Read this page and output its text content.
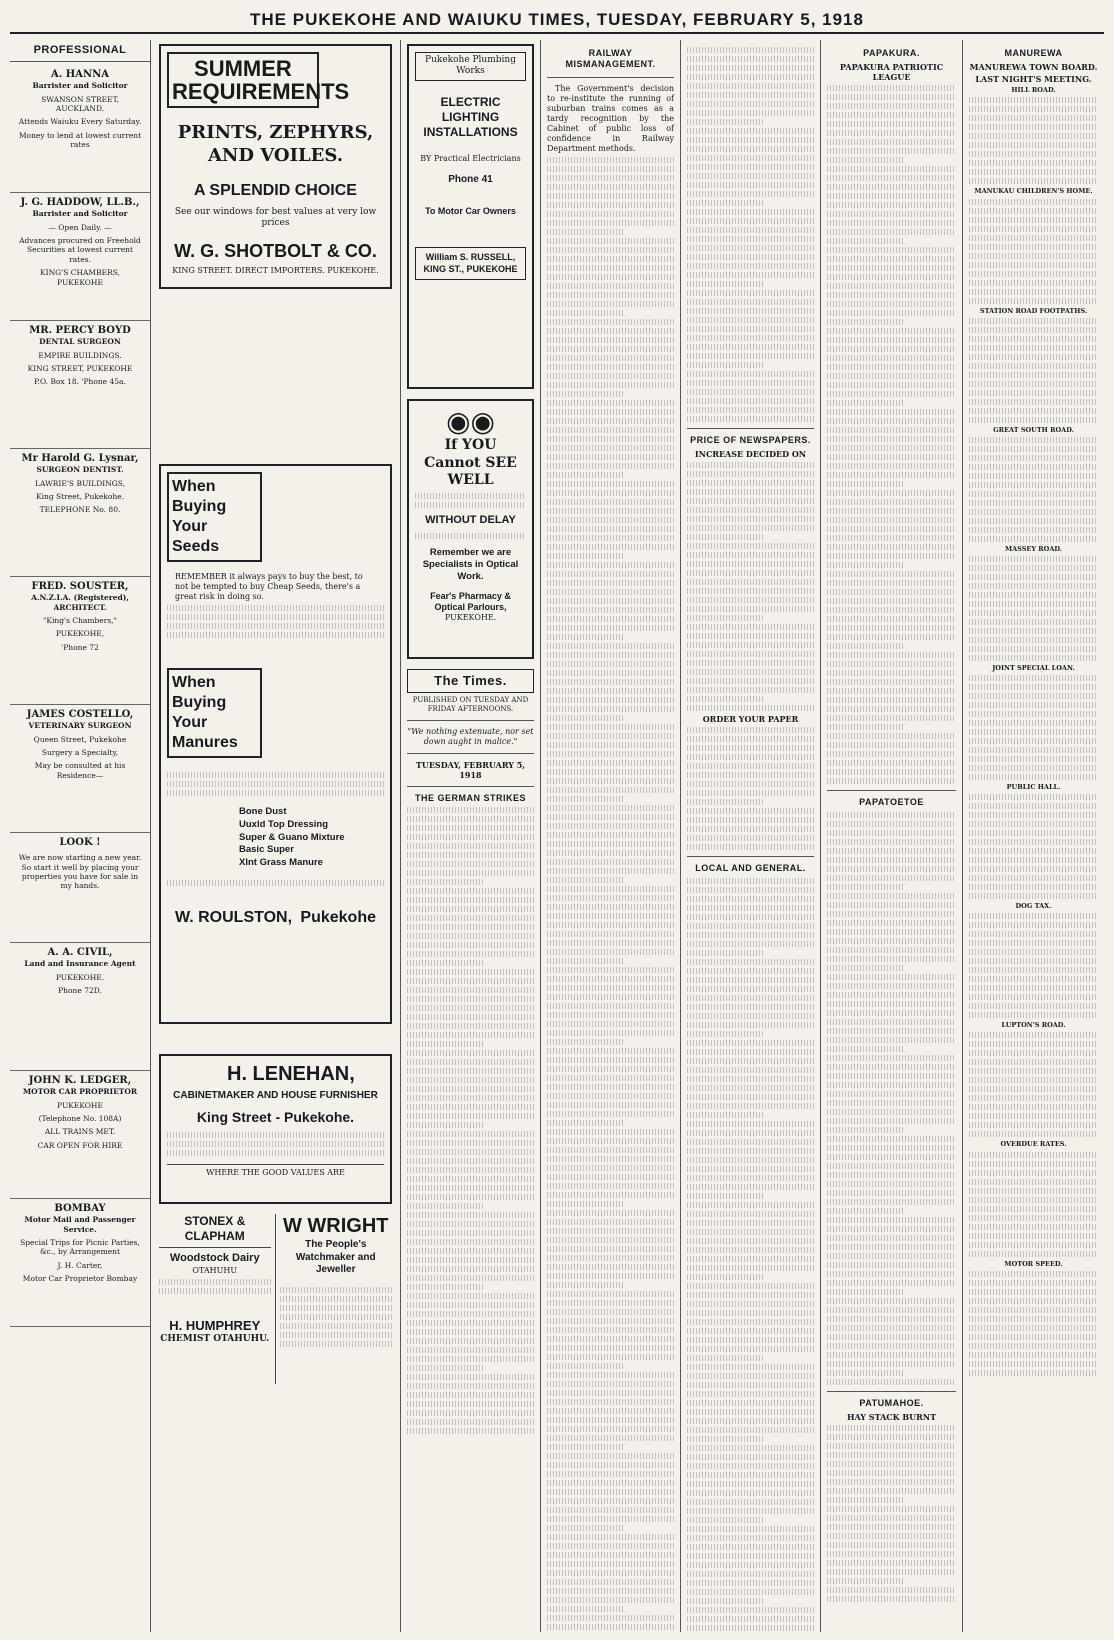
THE PUKEKOHE AND WAIUKU TIMES, TUESDAY, FEBRUARY 5, 1918
PROFESSIONAL
A. HANNA
Barrister and Solicitor
SWANSON STREET, AUCKLAND.
Attends Waiuku Every Saturday.
Money to lend at lowest current rates
J. G. HADDOW, LL.B.,
Barrister and Solicitor
— Open Daily. —
Advances procured on Freehold Securities at lowest current rates.
KING'S CHAMBERS, PUKEKOHE
MR. PERCY BOYD
DENTAL SURGEON
EMPIRE BUILDINGS.
KING STREET, PUKEKOHE
P.O. Box 18. 'Phone 45a.
Mr Harold G. Lysnar,
SURGEON DENTIST.
LAWRIE'S BUILDINGS,
King Street, Pukekohe.
TELEPHONE No. 80.
FRED. SOUSTER,
A.N.Z.I.A. (Registered), ARCHITECT.
"King's Chambers,"
PUKEKOHE,
'Phone 72
JAMES COSTELLO,
VETERINARY SURGEON
Queen Street, Pukekohe
Surgery a Specialty,
May be consulted at his Residence—
LOOK !
We are now starting a new year. So start it well by placing your properties you have for sale in my hands.
A. A. CIVIL,
Land and Insurance Agent
PUKEKOHE.
Phone 72D.
JOHN K. LEDGER,
MOTOR CAR PROPRIETOR
PUKEKOHE
(Telephone No. 108A)
ALL TRAINS MET.
CAR OPEN FOR HIRE
BOMBAY
Motor Mail and Passenger Service.
Special Trips for Picnic Parties, &c., by Arrangement
J. H. Carter,
Motor Car Proprietor Bombay
SUMMER REQUIREMENTS
PRINTS, ZEPHYRS, AND VOILES.
A SPLENDID CHOICE
See our windows for best values at very low prices
W. G. SHOTBOLT & CO.
KING STREET. DIRECT IMPORTERS. PUKEKOHE.
When Buying Your Seeds
REMEMBER it always pays to buy the best, to not be tempted to buy Cheap Seeds, there's a great risk in doing so.
When Buying Your Manures
Bone Dust
Uuxld Top Dressing
Super & Guano Mixture
Basic Super
Xlnt Grass Manure
W. ROULSTON, Pukekohe
H. LENEHAN,
CABINETMAKER AND HOUSE FURNISHER
King Street - Pukekohe.
WHERE THE GOOD VALUES ARE
STONEX & CLAPHAM
Woodstock Dairy
OTAHUHU
H. HUMPHREY
CHEMIST OTAHUHU.
W WRIGHT
The People's Watchmaker and Jeweller
Pukekohe Plumbing Works
ELECTRIC LIGHTING INSTALLATIONS
BY Practical Electricians
Phone 41
To Motor Car Owners
William S. RUSSELL, KING ST., PUKEKOHE
◉◉
If YOU Cannot SEE WELL
WITHOUT DELAY
Remember we are Specialists in Optical Work.
Fear's Pharmacy & Optical Parlours,
PUKEKOHE.
The Times.
PUBLISHED ON TUESDAY AND FRIDAY AFTERNOONS.
"We nothing extenuate, nor set down aught in malice."
TUESDAY, FEBRUARY 5, 1918
THE GERMAN STRIKES
RAILWAY MISMANAGEMENT.

The Government's decision to re-institute the running of suburban trains comes as a tardy recognition by the Cabinet of public loss of confidence in Railway Department methods.

PRICE OF NEWSPAPERS.
INCREASE DECIDED ON
ORDER YOUR PAPER
LOCAL AND GENERAL.
PAPAKURA.
PAPAKURA PATRIOTIC LEAGUE
PAPATOETOE
PATUMAHOE.
HAY STACK BURNT
MANUREWA
MANUREWA TOWN BOARD.
LAST NIGHT'S MEETING.
HILL ROAD.
MANUKAU CHILDREN'S HOME.
STATION ROAD FOOTPATHS.
GREAT SOUTH ROAD.
MASSEY ROAD.
JOINT SPECIAL LOAN.
PUBLIC HALL.
DOG TAX.
LUPTON'S ROAD.
OVERDUE RATES.
MOTOR SPEED.
